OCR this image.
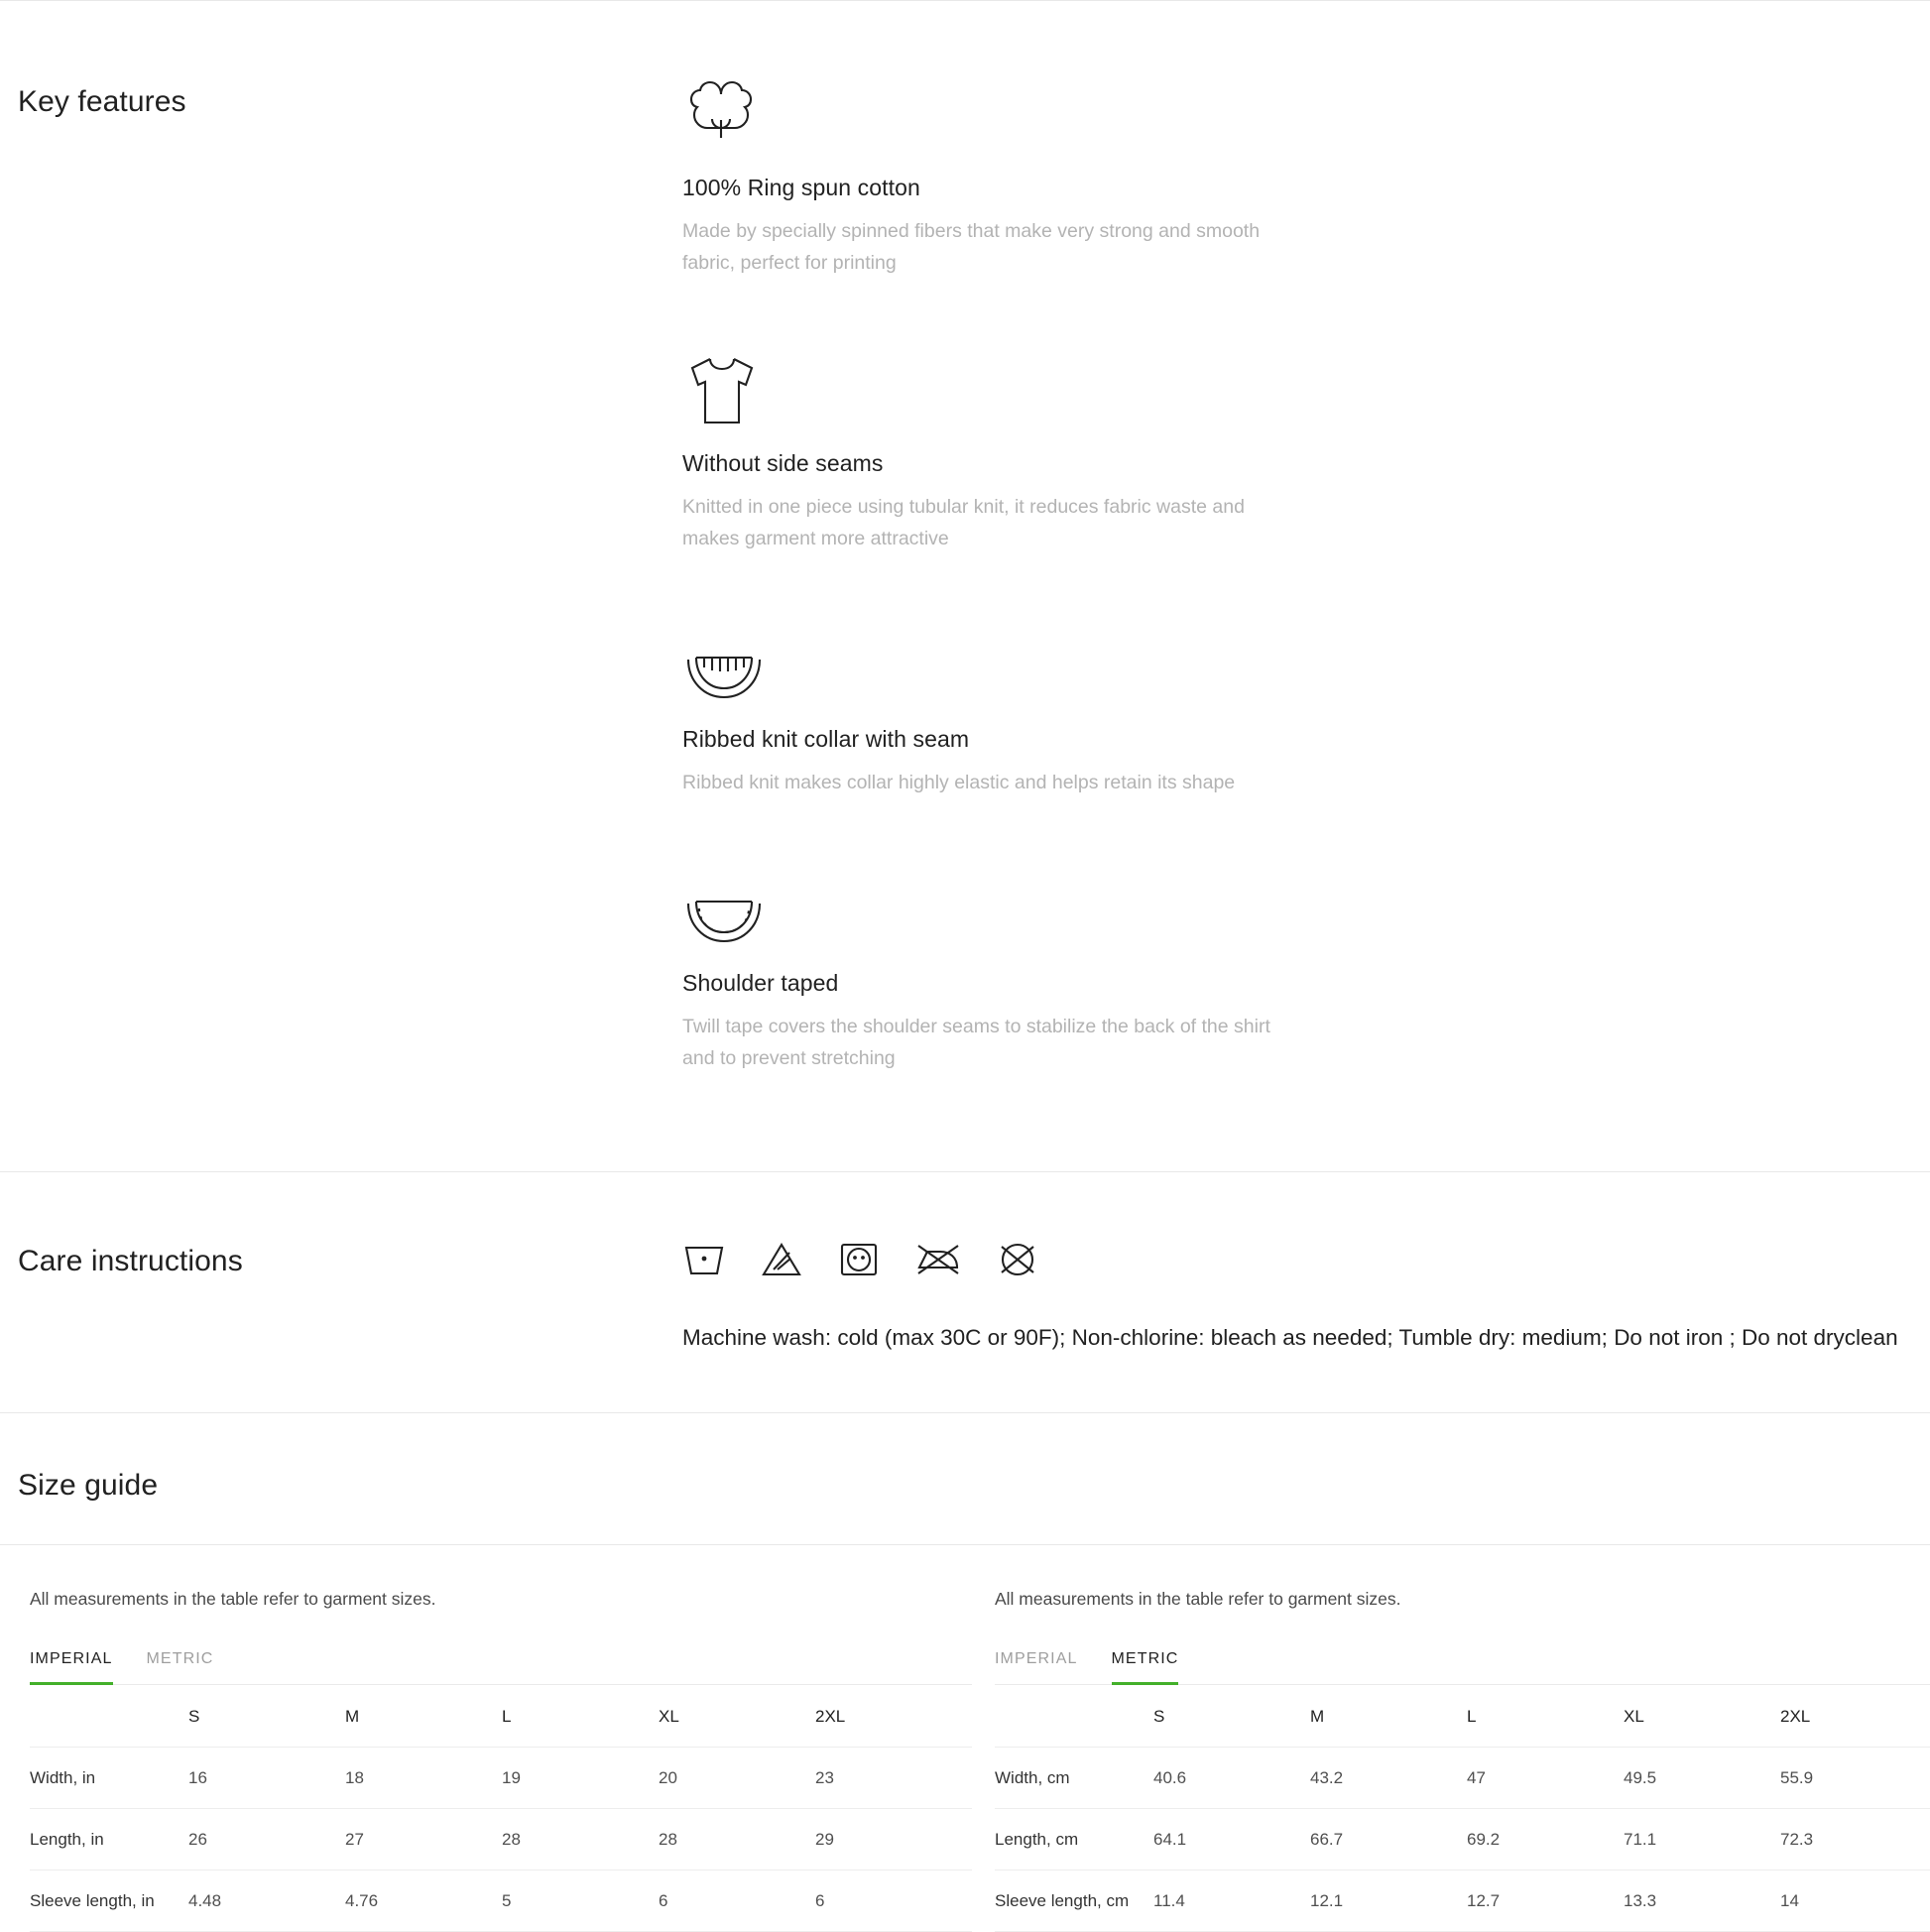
Key features
100% Ring spun cotton

Made by specially spinned fibers that make very strong and smooth fabric, perfect for printing

Without side seams

Knitted in one piece using tubular knit, it reduces fabric waste and makes garment more attractive

Ribbed knit collar with seam

Ribbed knit makes collar highly elastic and helps retain its shape

Shoulder taped

Twill tape covers the shoulder seams to stabilize the back of the shirt and to prevent stretching

Care instructions

Machine wash: cold (max 30C or 90F); Non-chlorine: bleach as needed; Tumble dry: medium; Do not iron ; Do not dryclean

Size guide
All measurements in the table refer to garment sizes.
IMPERIAL METRIC
	S	M	L	XL	2XL
Width, in	16	18	19	20	23
Length, in	26	27	28	28	29
Sleeve length, in	4.48	4.76	5	6	6
All measurements in the table refer to garment sizes.
IMPERIAL METRIC
	S	M	L	XL	2XL
Width, cm	40.6	43.2	47	49.5	55.9
Length, cm	64.1	66.7	69.2	71.1	72.3
Sleeve length, cm	11.4	12.1	12.7	13.3	14
